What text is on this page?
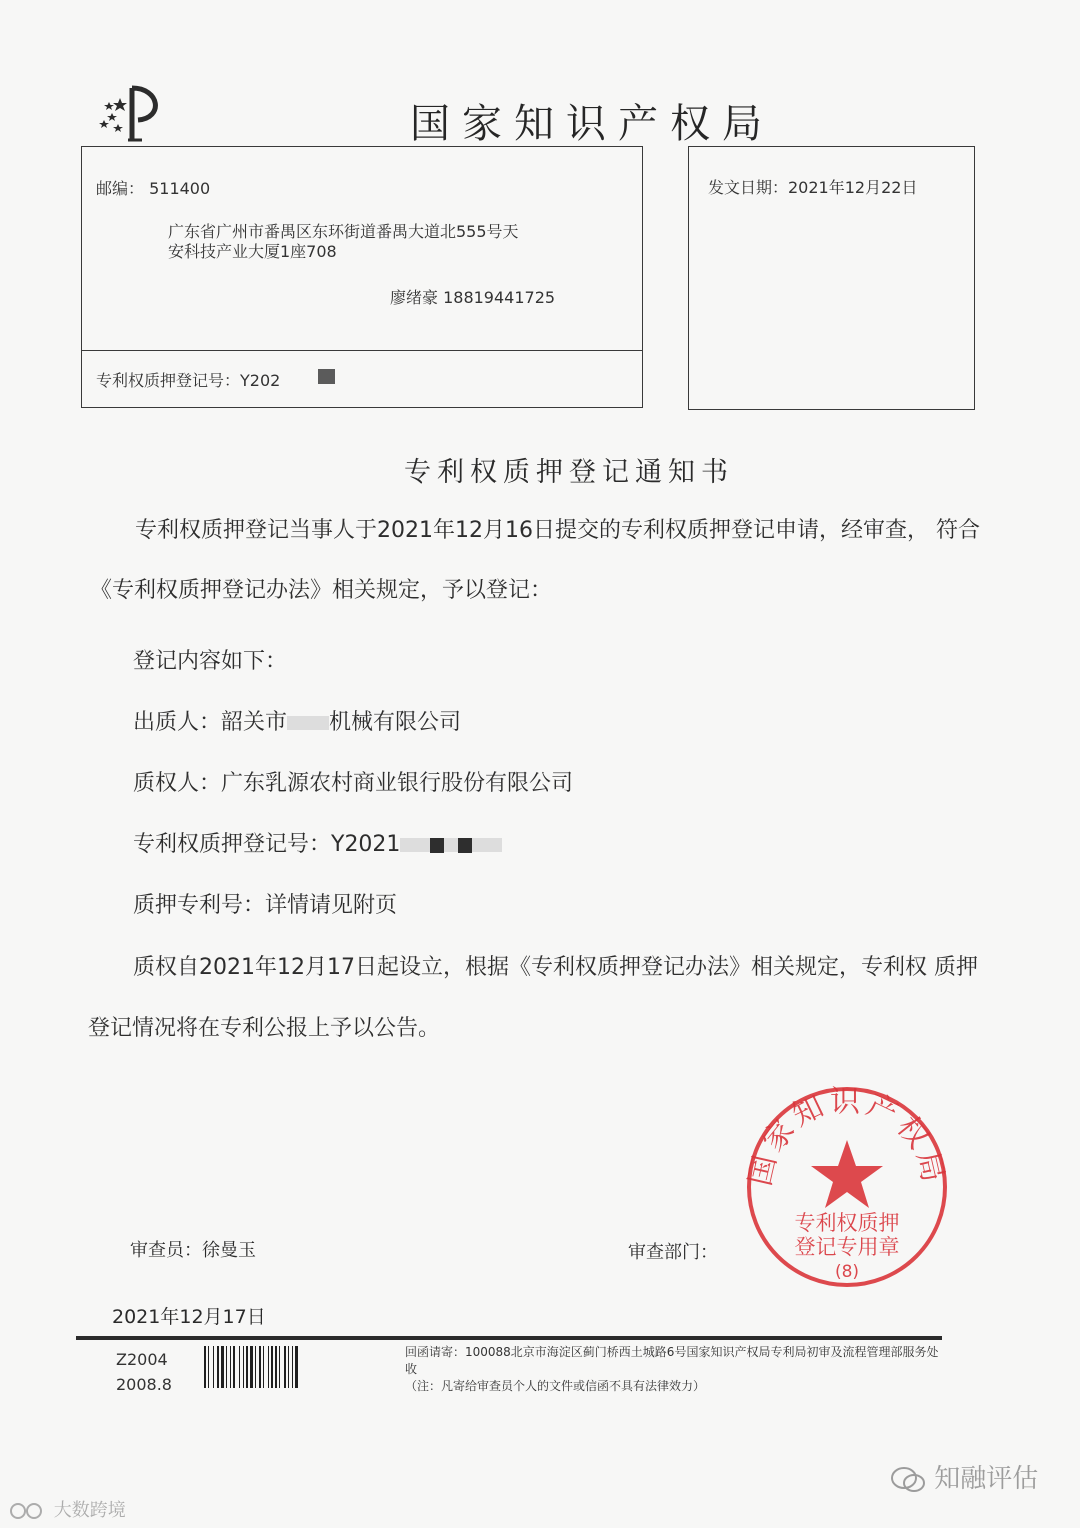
国家知识产权局
邮编： 511400
广东省广州市番禺区东环街道番禺大道北555号天
安科技产业大厦1座708
廖绪豪 18819441725
专利权质押登记号：Y202
发文日期：2021年12月22日
专利权质押登记通知书
专利权质押登记当事人于2021年12月16日提交的专利权质押登记申请，经审查， 符合
《专利权质押登记办法》相关规定，予以登记：
登记内容如下：
出质人：韶关市 机械有限公司
质权人：广东乳源农村商业银行股份有限公司
专利权质押登记号：Y2021
质押专利号：详情请见附页
质权自2021年12月17日起设立，根据《专利权质押登记办法》相关规定，专利权 质押
登记情况将在专利公报上予以公告。
审查员：徐曼玉	审查部门：
2021年12月17日
国家知识产权局
专利权质押
登记专用章
(8)
Z2004
2008.8
回函请寄：100088北京市海淀区蓟门桥西土城路6号国家知识产权局专利局初审及流程管理部服务处收
（注：凡寄给审查员个人的文件或信函不具有法律效力）
知融评估
大数跨境
